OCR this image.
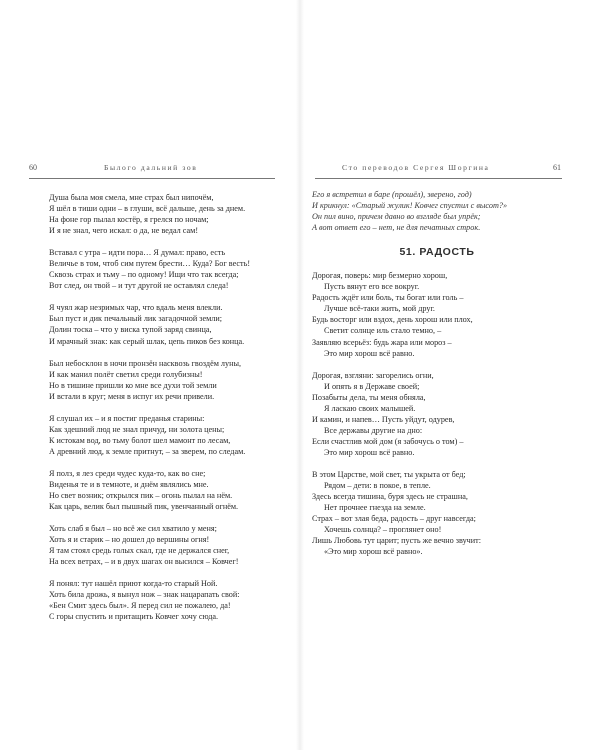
60	Былого дальний зов
Душа была моя смела, мне страх был нипочём,
Я шёл в тиши одни – в глуши, всё дальше, день за днем.
На фоне гор пылал костёр, я грелся по ночам;
И я не знал, чего искал: о да, не ведал сам!
Вставал с утра – идти пора… Я думал: право, есть
Величье в том, чтоб сим путем брести… Куда? Бог весть!
Сквозь страх и тьму – по одному! Ищи что так всегда;
Вот след, он твой – и тут другой не оставлял следа!
Я чуял жар незримых чар, что вдаль меня влекли.
Был пуст и дик печальный лик загадочной земли;
Долин тоска – что у виска тупой заряд свинца,
И мрачный знак: как серый шлак, цепь пиков без конца.
Был небосклон в ночи пронзён насквозь гвоздём луны,
И как манил полёт светил среди голубизны!
Но в тишине пришли ко мне все духи той земли
И встали в круг; меня в испуг их речи привели.
Я слушал их – и я постиг преданья старины:
Как здешний люд не знал причуд, ни золота цены;
К истокам вод, во тьму болот шел мамонт по лесам,
А древний люд, к земле притнут, – за зверем, по следам.
Я полз, я лез среди чудес куда-то, как во сне;
Виденья те и в темноте, и днём являлись мне.
Но свет возник; открылся пик – огонь пылал на нём.
Как царь, велик был пышный пик, увенчанный огнём.
Хоть слаб я был – но всё же сил хватило у меня;
Хоть я и старик – но дошел до вершины огня!
Я там стоял средь голых скал, где не держался снег,
На всех ветрах, – и в двух шагах он высился – Ковчег!
Я понял: тут нашёл приют когда-то старый Ной.
Хоть била дрожь, я вынул нож – знак нацарапать свой:
«Бен Смит здесь был». Я перед сил не пожалею, да!
С горы спустить и притащить Ковчег хочу сюда.
Сто переводов Сергея Шоргина	61
Его я встретил в баре (прошёл), зверено, год)
И крикнул: «Старый жулик! Ковчег спустил с высот?»
Он пил вино, причем давно во взгляде был упрёк;
А вот ответ его – нет, не для печатных строк.
51. РАДОСТЬ
Дорогая, поверь: мир безмерно хорош,
Пусть вянут его все вокруг.
Радость ждёт или боль, ты богат или голь –
Лучше всё-таки жить, мой друг.
Будь восторг или вздох, день хорош или плох,
Светит солнце иль стало темно, –
Заявляю всерьёз: будь жара или мороз –
Это мир хорош всё равно.
Дорогая, взгляни: загорелись огни,
И опять я в Державе своей;
Позабыты дела, ты меня обняла,
Я ласкаю своих малышей.
И камин, и напев… Пусть уйдут, одурев,
Все державы другие на дно:
Если счастлив мой дом (я забочусь о том) –
Это мир хорош всё равно.
В этом Царстве, мой свет, ты укрыта от бед;
Рядом – дети: в покое, в тепле.
Здесь всегда тишина, буря здесь не страшна,
Нет прочнее гнезда на земле.
Страх – вот злая беда, радость – друг навсегда;
Хочешь солнца? – проглянет оно!
Лишь Любовь тут царит; пусть же вечно звучит:
«Это мир хорош всё равно».
